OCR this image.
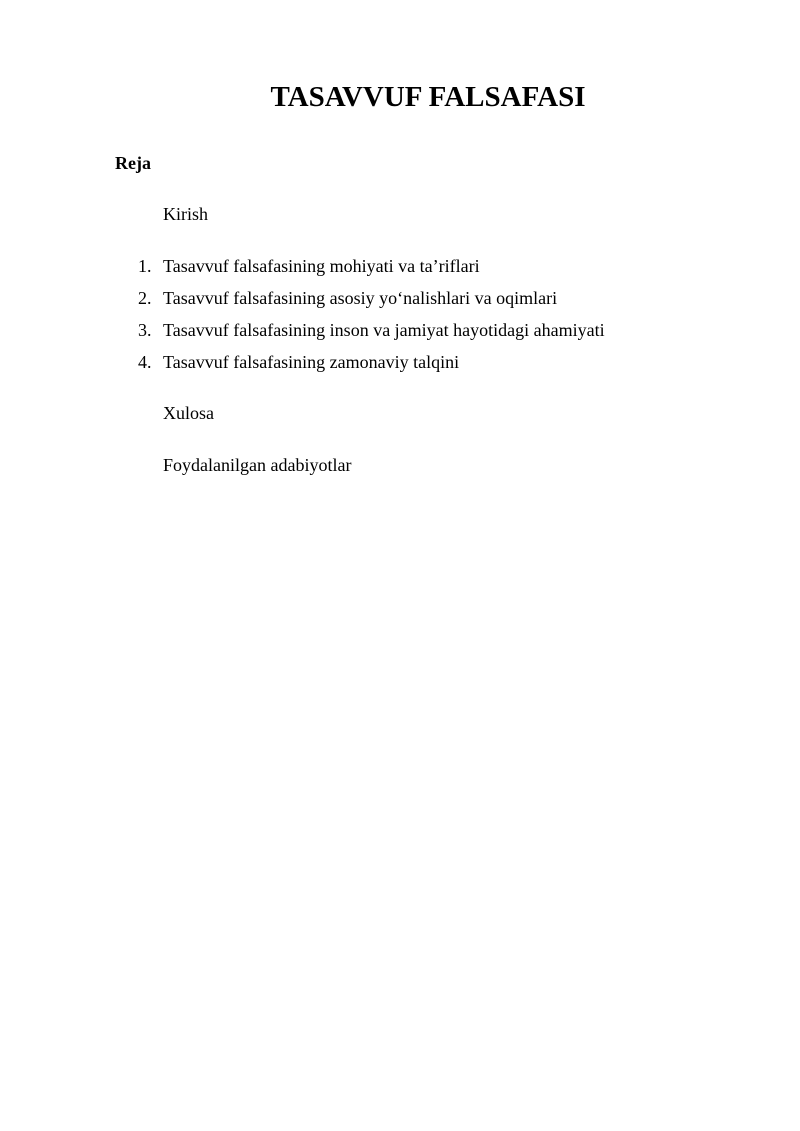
TASAVVUF FALSAFASI
Reja
Kirish
1. Tasavvuf falsafasining mohiyati va ta’riflari
2. Tasavvuf falsafasining asosiy yo‘nalishlari va oqimlari
3. Tasavvuf falsafasining inson va jamiyat hayotidagi ahamiyati
4. Tasavvuf falsafasining zamonaviy talqini
Xulosa
Foydalanilgan adabiyotlar
